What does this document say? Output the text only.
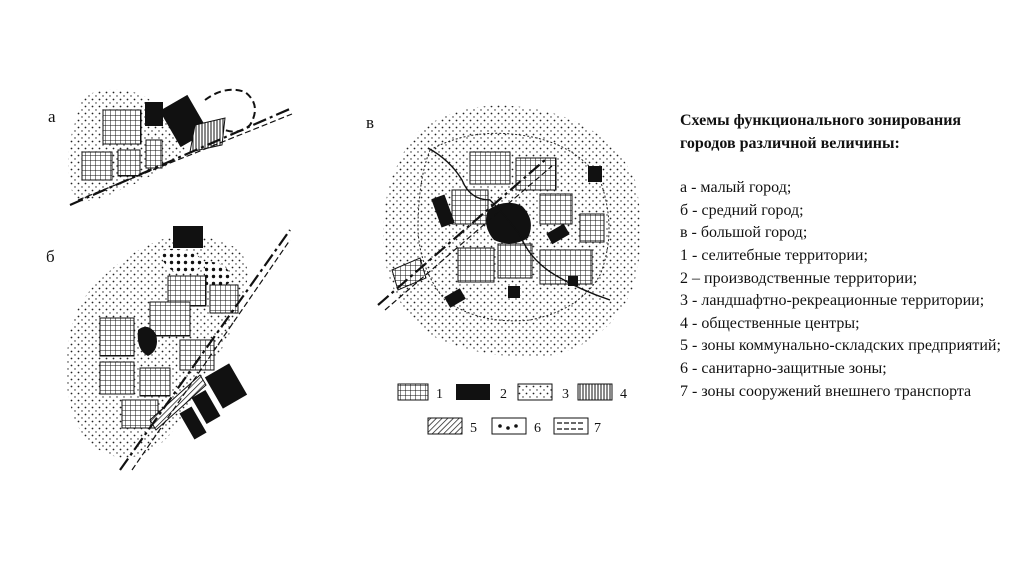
а
б
в
1	2	3	4
5	6	7

Схемы функционального зонирования городов различной величины:

а - малый город;
б - средний город;
в - большой город;
1 - селитебные территории;
2 – производственные территории;
3 - ландшафтно-рекреационные территории;
4 - общественные центры;
5 - зоны коммунально-складских предприятий;
6 - санитарно-защитные зоны;
7 - зоны сооружений внешнего транспорта
